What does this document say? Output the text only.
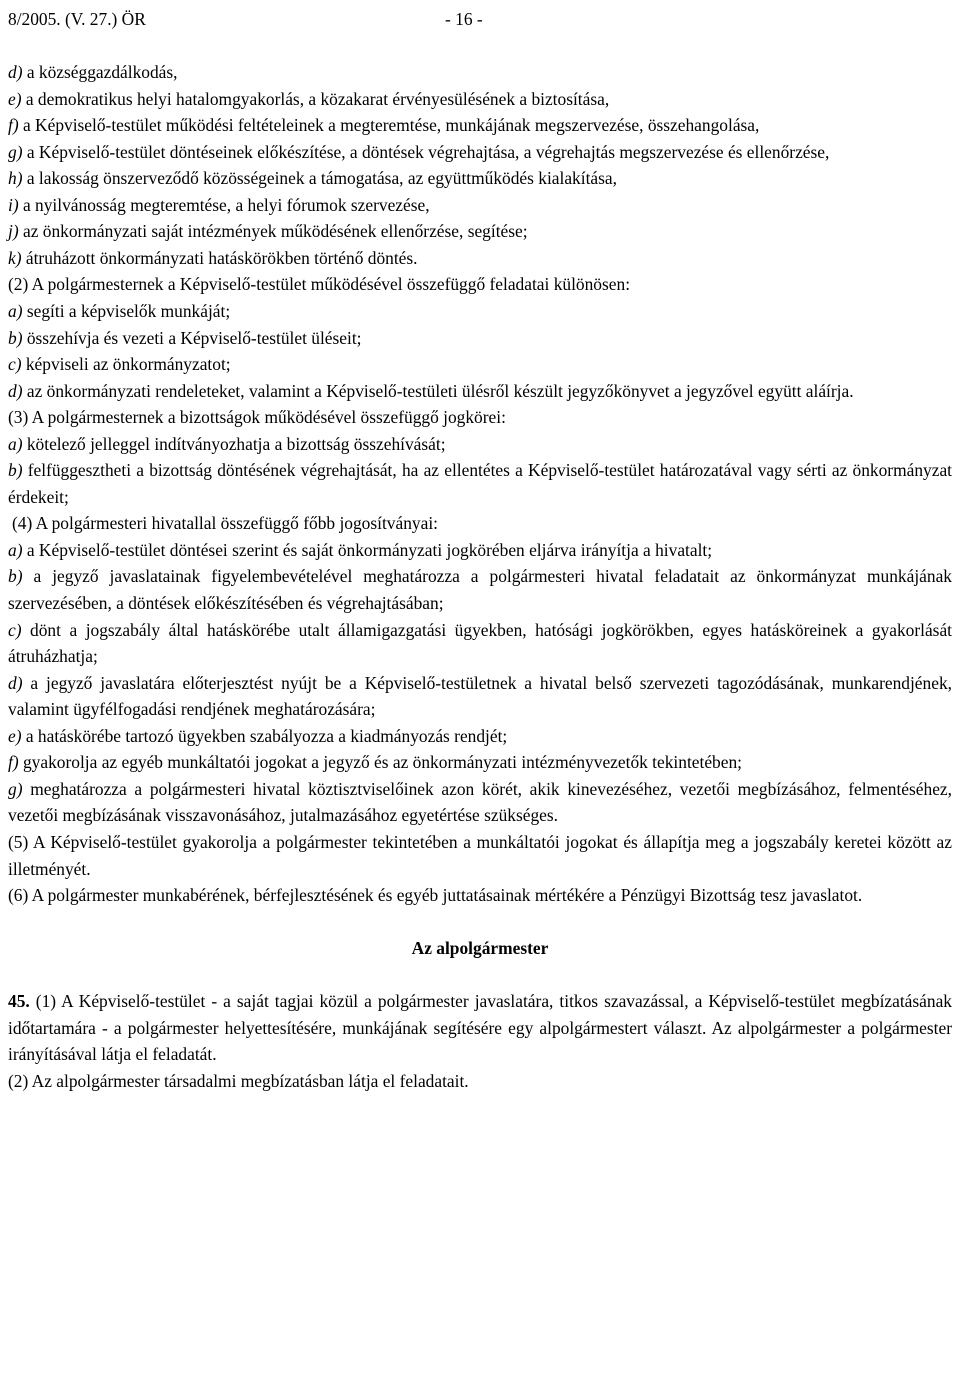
8/2005. (V. 27.) ÖR	- 16 -

d) a községgazdálkodás,

e) a demokratikus helyi hatalomgyakorlás, a közakarat érvényesülésének a biztosítása,

f) a Képviselő-testület működési feltételeinek a megteremtése, munkájának megszervezése, összehangolása,

g) a Képviselő-testület döntéseinek előkészítése, a döntések végrehajtása, a végrehajtás megszervezése és ellenőrzése,

h) a lakosság önszerveződő közösségeinek a támogatása, az együttműködés kialakítása,

i) a nyilvánosság megteremtése, a helyi fórumok szervezése,

j) az önkormányzati saját intézmények működésének ellenőrzése, segítése;

k) átruházott önkormányzati hatáskörökben történő döntés.

(2) A polgármesternek a Képviselő-testület működésével összefüggő feladatai különösen:

a) segíti a képviselők munkáját;

b) összehívja és vezeti a Képviselő-testület üléseit;

c) képviseli az önkormányzatot;

d) az önkormányzati rendeleteket, valamint a Képviselő-testületi ülésről készült jegyzőkönyvet a jegyzővel együtt aláírja.

(3) A polgármesternek a bizottságok működésével összefüggő jogkörei:

a) kötelező jelleggel indítványozhatja a bizottság összehívását;

b) felfüggesztheti a bizottság döntésének végrehajtását, ha az ellentétes a Képviselő-testület határozatával vagy sérti az önkormányzat érdekeit;

(4) A polgármesteri hivatallal összefüggő főbb jogosítványai:

a) a Képviselő-testület döntései szerint és saját önkormányzati jogkörében eljárva irányítja a hivatalt;

b) a jegyző javaslatainak figyelembevételével meghatározza a polgármesteri hivatal feladatait az önkormányzat munkájának szervezésében, a döntések előkészítésében és végrehajtásában;

c) dönt a jogszabály által hatáskörébe utalt államigazgatási ügyekben, hatósági jogkörökben, egyes hatásköreinek a gyakorlását átruházhatja;

d) a jegyző javaslatára előterjesztést nyújt be a Képviselő-testületnek a hivatal belső szervezeti tagozódásának, munkarendjének, valamint ügyfélfogadási rendjének meghatározására;

e) a hatáskörébe tartozó ügyekben szabályozza a kiadmányozás rendjét;

f) gyakorolja az egyéb munkáltatói jogokat a jegyző és az önkormányzati intézményvezetők tekintetében;

g) meghatározza a polgármesteri hivatal köztisztviselőinek azon körét, akik kinevezéséhez, vezetői megbízásához, felmentéséhez, vezetői megbízásának visszavonásához, jutalmazásához egyetértése szükséges.

(5) A Képviselő-testület gyakorolja a polgármester tekintetében a munkáltatói jogokat és állapítja meg a jogszabály keretei között az illetményét.

(6) A polgármester munkabérének, bérfejlesztésének és egyéb juttatásainak mértékére a Pénzügyi Bizottság tesz javaslatot.

Az alpolgármester

45. (1) A Képviselő-testület - a saját tagjai közül a polgármester javaslatára, titkos szavazással, a Képviselő-testület megbízatásának időtartamára - a polgármester helyettesítésére, munkájának segítésére egy alpolgármestert választ. Az alpolgármester a polgármester irányításával látja el feladatát.

(2) Az alpolgármester társadalmi megbízatásban látja el feladatait.
